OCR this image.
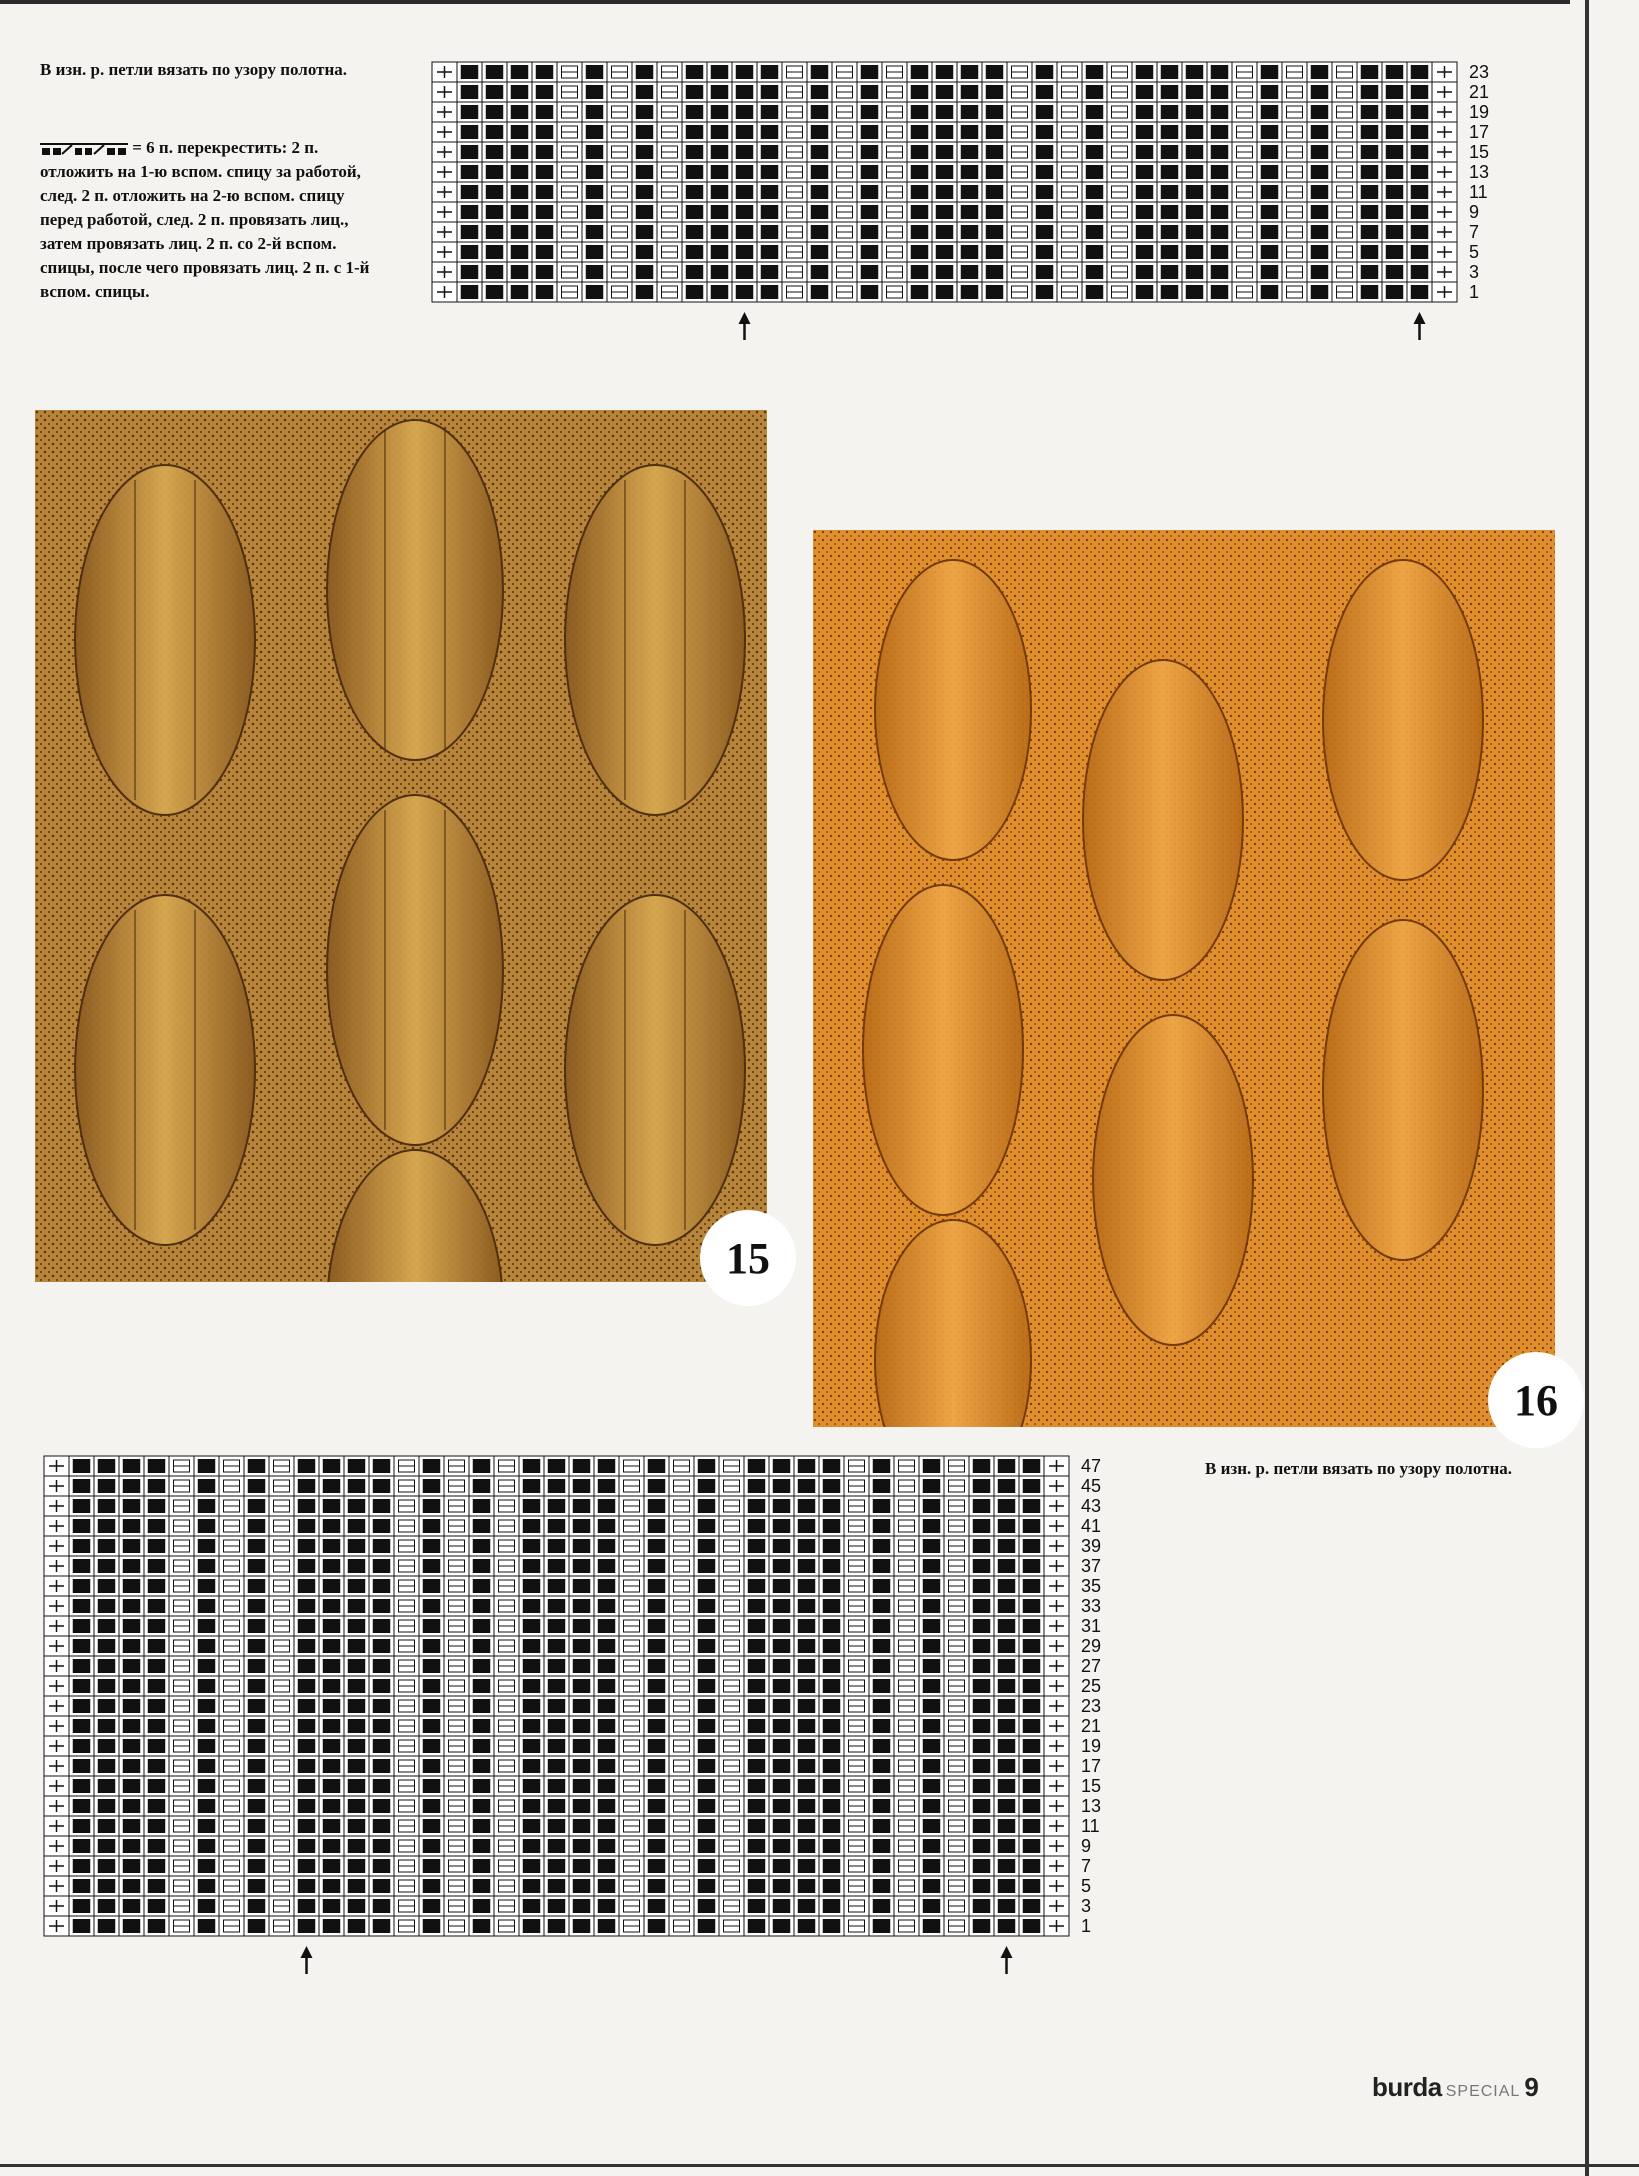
В изн. р. петли вязать по узору полотна.
= 6 п. перекрестить: 2 п. отложить на 1-ю вспом. спицу за работой, след. 2 п. отложить на 2-ю вспом. спицу перед работой, след. 2 п. провязать лиц., затем провязать лиц. 2 п. со 2-й вспом. спицы, после чего провязать лиц. 2 п. с 1-й вспом. спицы.
В изн. р. петли вязать по узору полотна.
23
21
19
17
15
13
11
9
7
5
3
1
47
45
43
41
39
37
35
33
31
29
27
25
23
21
19
17
15
13
11
9
7
5
3
1
15
16
burda SPECIAL 9
